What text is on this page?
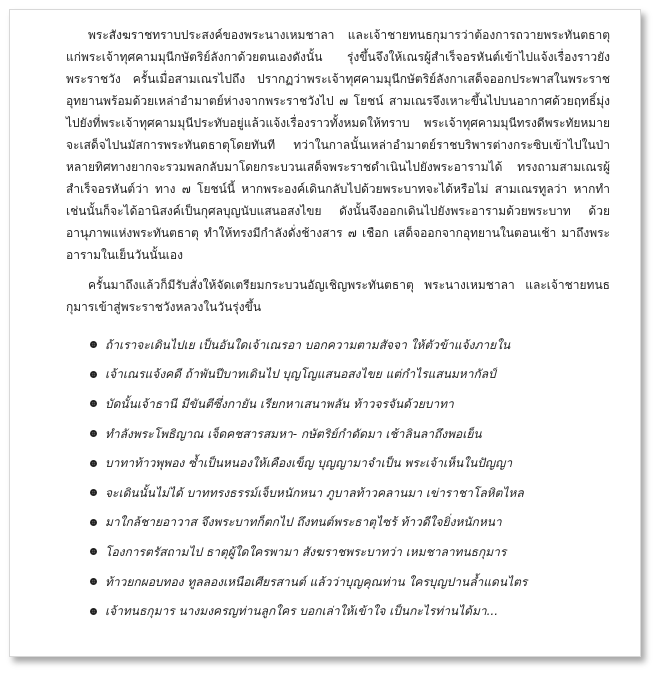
พระสังฆราชทราบประสงค์ของพระนางเหมชาลา และเจ้าชายทนธกุมารว่าต้องการถวายพระทันตธาตุแก่พระเจ้าทุศคามมุนีกษัตริย์ลังกาด้วยตนเองดังนั้น รุ่งขึ้นจึงให้เณรผู้สำเร็จอรหันต์เข้าไปแจ้งเรื่องราวยังพระราชวัง ครั้นเมื่อสามเณรไปถึง ปรากฏว่าพระเจ้าทุศคามมุนีกษัตริย์ลังกาเสด็จออกประพาสในพระราชอุทยานพร้อมด้วยเหล่าอำมาตย์ห่างจากพระราชวังไป ๗ โยชน์ สามเณรจึงเหาะขึ้นไปบนอากาศด้วยฤทธิ์มุ่งไปยังที่พระเจ้าทุศคามมุนีประทับอยู่แล้วแจ้งเรื่องราวทั้งหมดให้ทราบ พระเจ้าทุศคามมุนีทรงดีพระทัยหมายจะเสด็จไปนมัสการพระทันตธาตุโดยทันที ทว่าในกาลนั้นเหล่าอำมาตย์ราชบริพารต่างกระซิบเข้าไปในป่าหลายทิศทางยากจะรวมพลกลับมาโดยกระบวนเสด็จพระราชดำเนินไปยังพระอารามได้ ทรงถามสามเณรผู้สำเร็จอรหันต์ว่า ทาง ๗ โยชน์นี้ หากพระองค์เดินกลับไปด้วยพระบาทจะได้หรือไม่ สามเณรทูลว่า หากทำเช่นนั้นก็จะได้อานิสงค์เป็นกุศลบุญนับแสนอสงไขย ดังนั้นจึงออกเดินไปยังพระอารามด้วยพระบาท ด้วยอานุภาพแห่งพระทันตธาตุ ทำให้ทรงมีกำลังดั่งช้างสาร ๗ เชือก เสด็จออกจากอุทยานในตอนเช้า มาถึงพระอารามในเย็นวันนั้นเอง

ครั้นมาถึงแล้วก็มีรับสั่งให้จัดเตรียมกระบวนอัญเชิญพระทันตธาตุ พระนางเหมชาลา และเจ้าชายทนธกุมารเข้าสู่พระราชวังหลวงในวันรุ่งขึ้น

ถ้าเราจะเดินไปเย เป็นอันใดเจ้าเณรอา บอกความตามสัจจา ให้ตัวข้าแจ้งภายใน
เจ้าเณรแจ้งคดี ถ้าพันปีบาทเดินไป บุญโญแสนอสงไขย แต่กำไรแสนมหากัลป์
บัดนั้นเจ้าธานี มีขันตีซึ่งกายัน เรียกหาเสนาพลัน ท้าวจรจันด้วยบาทา
ทำลังพระโพธิญาณ เจ็ดคชสารสมหา- กษัตริย์กำดัดมา เช้าลินลาถึงพอเย็น
บาทาท้าวพุพอง ซ้ำเป็นหนองให้เคืองเข็ญ บุญญามาจำเป็น พระเจ้าเห็นในปัญญา
จะเดินนั้นไม่ได้ บาททรงธรรม์เจ็บหนักหนา ภูบาลท้าวคลานมา เข่าราชาโลหิตไหล
มาใกล้ชายอาวาส จึงพระบาทก็ตกไป ถึงทนต์พระธาตุไซร้ ท้าวดีใจยิ่งหนักหนา
โองการตรัสถามไป ธาตุผู้ใดใครพามา สังฆราชพระบาทว่า เหมชาลาทนธกุมาร
ท้าวยกผอบทอง ทูลลองเหนือเศียรสานต์ แล้วว่าบุญคุณท่าน ใครบุญปานล้ำแดนไตร
เจ้าทนธกุมาร นางมงครญท่านลูกใคร บอกเล่าให้เข้าใจ เป็นกะไรท่านได้มา...
